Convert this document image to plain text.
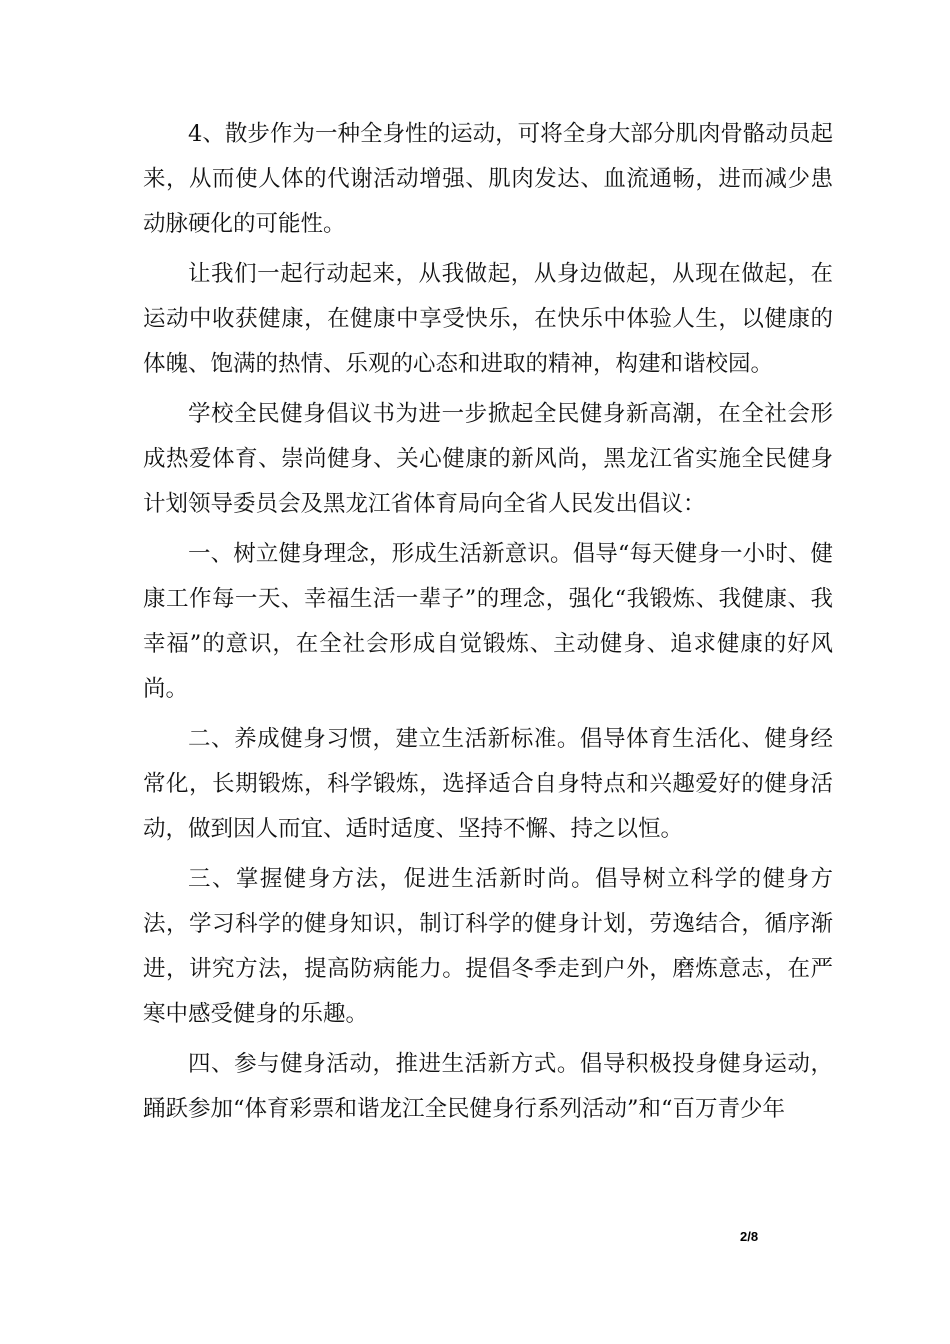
4、散步作为一种全身性的运动，可将全身大部分肌肉骨骼动员起来，从而使人体的代谢活动增强、肌肉发达、血流通畅，进而减少患动脉硬化的可能性。

让我们一起行动起来，从我做起，从身边做起，从现在做起，在运动中收获健康，在健康中享受快乐，在快乐中体验人生，以健康的体魄、饱满的热情、乐观的心态和进取的精神，构建和谐校园。

学校全民健身倡议书为进一步掀起全民健身新高潮，在全社会形成热爱体育、崇尚健身、关心健康的新风尚，黑龙江省实施全民健身计划领导委员会及黑龙江省体育局向全省人民发出倡议：

一、树立健身理念，形成生活新意识。倡导“每天健身一小时、健康工作每一天、幸福生活一辈子”的理念，强化“我锻炼、我健康、我幸福”的意识，在全社会形成自觉锻炼、主动健身、追求健康的好风尚。

二、养成健身习惯，建立生活新标准。倡导体育生活化、健身经常化，长期锻炼，科学锻炼，选择适合自身特点和兴趣爱好的健身活动，做到因人而宜、适时适度、坚持不懈、持之以恒。

三、掌握健身方法，促进生活新时尚。倡导树立科学的健身方法，学习科学的健身知识，制订科学的健身计划，劳逸结合，循序渐进，讲究方法，提高防病能力。提倡冬季走到户外，磨炼意志，在严寒中感受健身的乐趣。

四、参与健身活动，推进生活新方式。倡导积极投身健身运动，踊跃参加“体育彩票和谐龙江全民健身行系列活动”和“百万青少年

2/8
